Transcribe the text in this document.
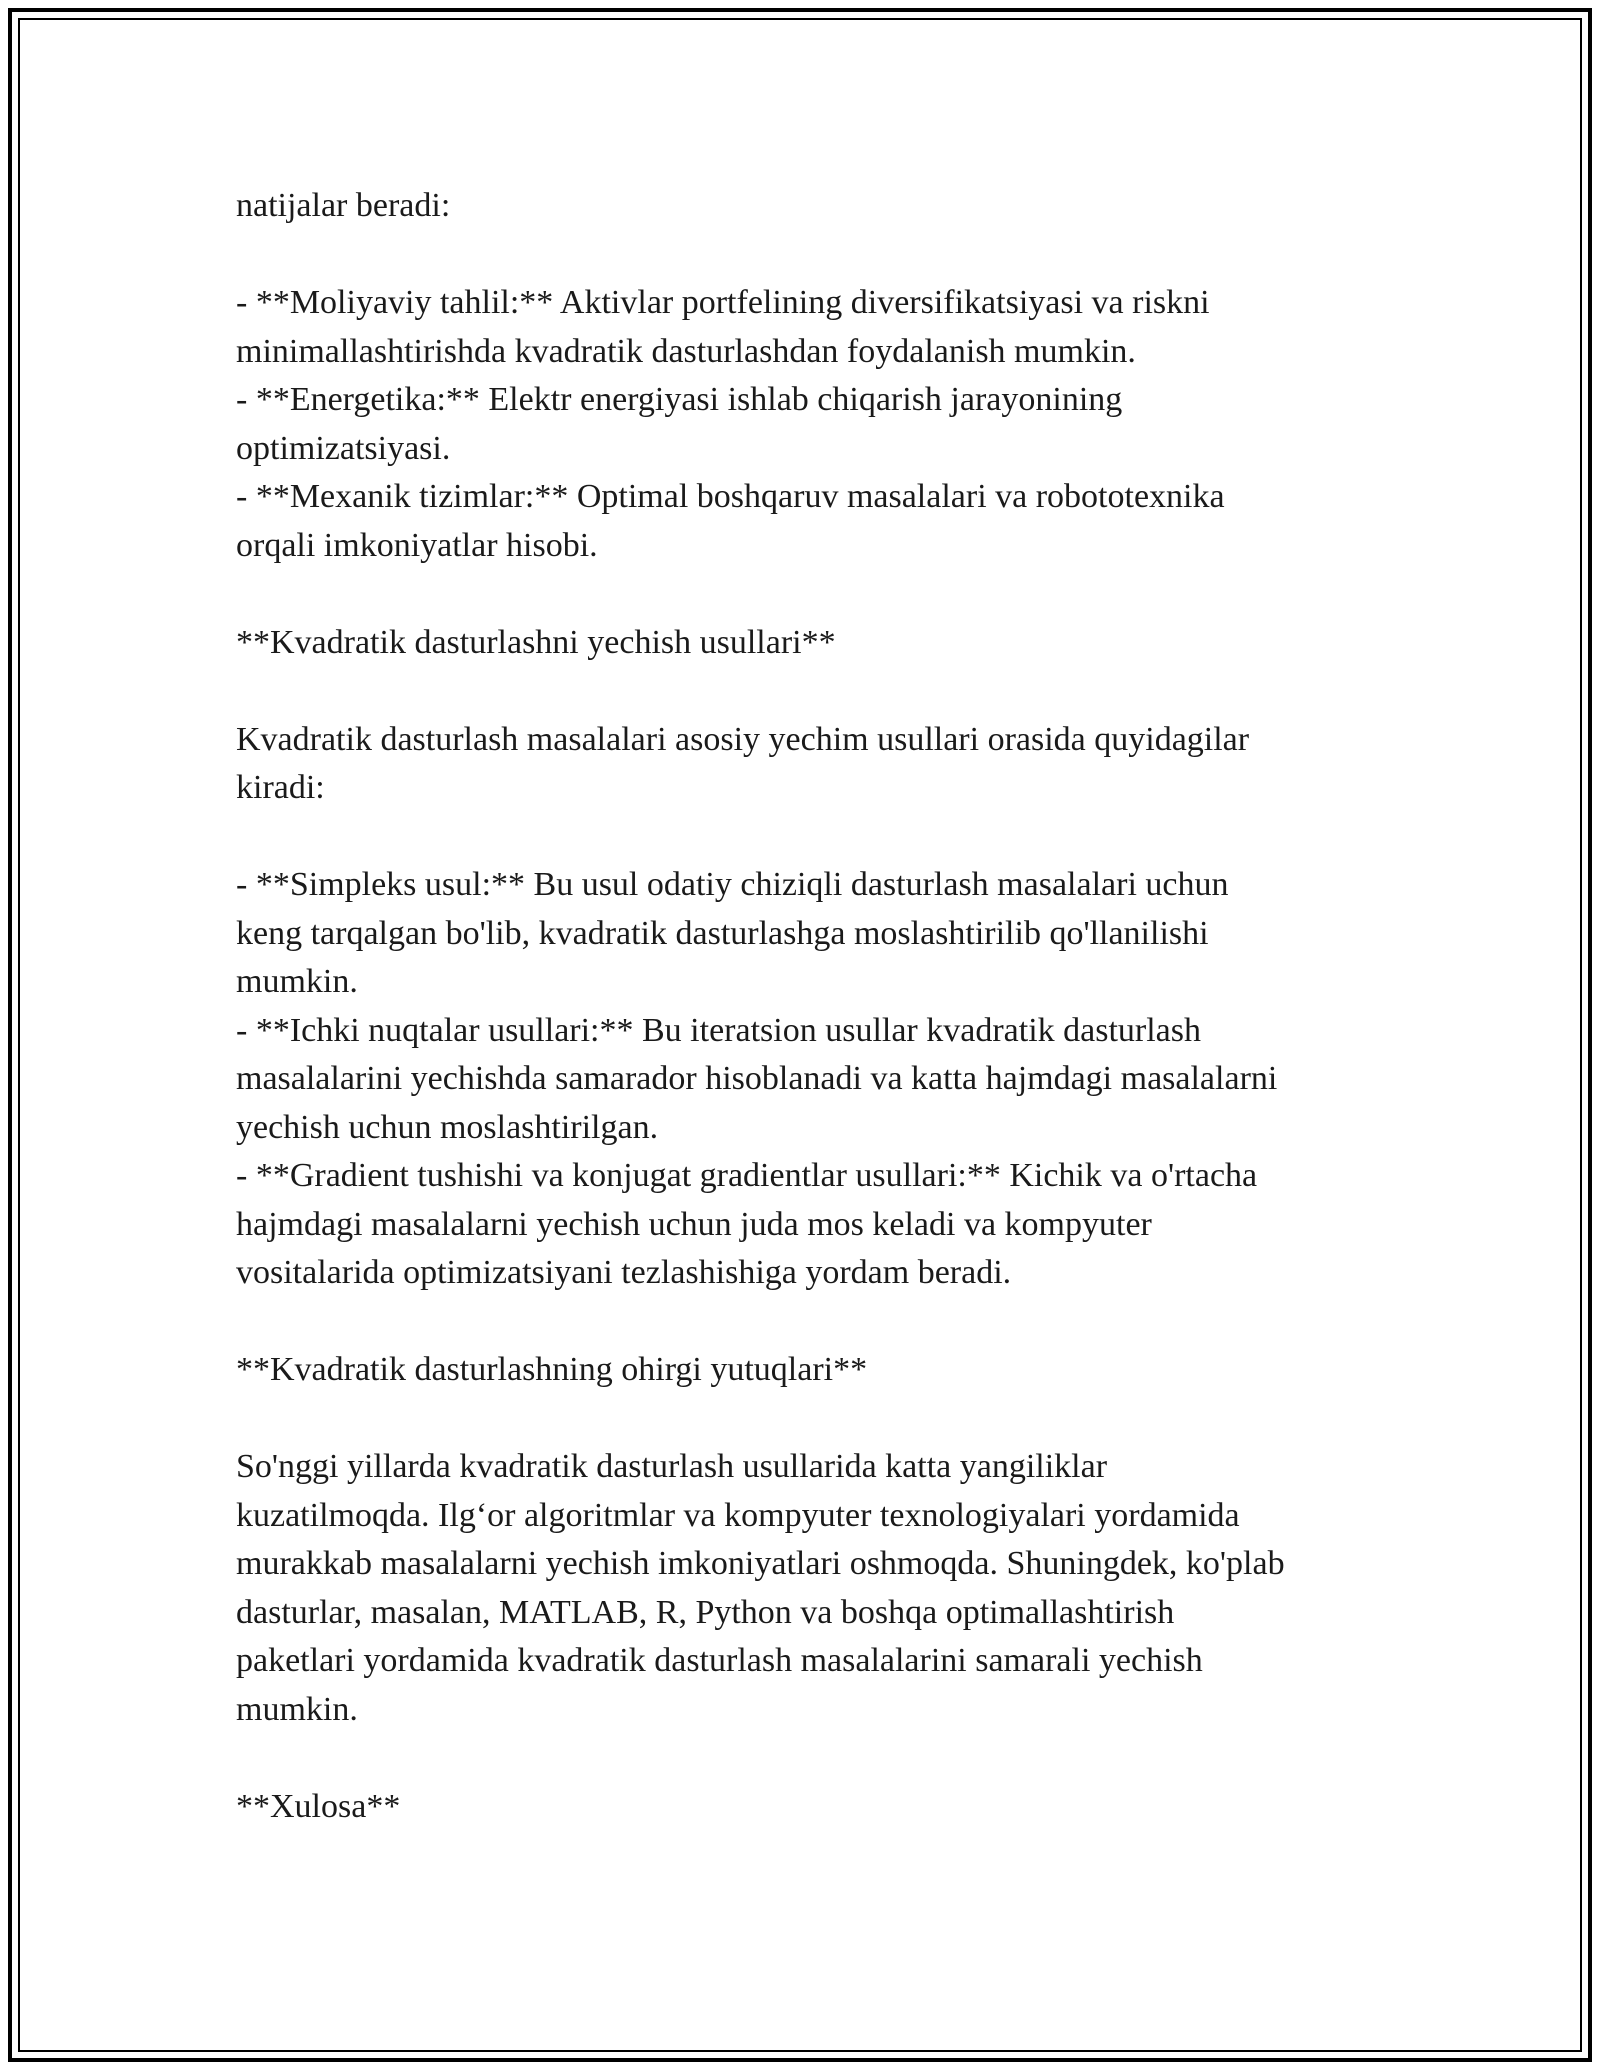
natijalar beradi:
- **Moliyaviy tahlil:** Aktivlar portfelining diversifikatsiyasi va riskni
minimallashtirishda kvadratik dasturlashdan foydalanish mumkin.
- **Energetika:** Elektr energiyasi ishlab chiqarish jarayonining
optimizatsiyasi.
- **Mexanik tizimlar:** Optimal boshqaruv masalalari va robototexnika
orqali imkoniyatlar hisobi.
**Kvadratik dasturlashni yechish usullari**
Kvadratik dasturlash masalalari asosiy yechim usullari orasida quyidagilar
kiradi:
- **Simpleks usul:** Bu usul odatiy chiziqli dasturlash masalalari uchun
keng tarqalgan bo'lib, kvadratik dasturlashga moslashtirilib qo'llanilishi
mumkin.
- **Ichki nuqtalar usullari:** Bu iteratsion usullar kvadratik dasturlash
masalalarini yechishda samarador hisoblanadi va katta hajmdagi masalalarni
yechish uchun moslashtirilgan.
- **Gradient tushishi va konjugat gradientlar usullari:** Kichik va o'rtacha
hajmdagi masalalarni yechish uchun juda mos keladi va kompyuter
vositalarida optimizatsiyani tezlashishiga yordam beradi.
**Kvadratik dasturlashning ohirgi yutuqlari**
So'nggi yillarda kvadratik dasturlash usullarida katta yangiliklar
kuzatilmoqda. Ilg‘or algoritmlar va kompyuter texnologiyalari yordamida
murakkab masalalarni yechish imkoniyatlari oshmoqda. Shuningdek, ko'plab
dasturlar, masalan, MATLAB, R, Python va boshqa optimallashtirish
paketlari yordamida kvadratik dasturlash masalalarini samarali yechish
mumkin.
**Xulosa**
